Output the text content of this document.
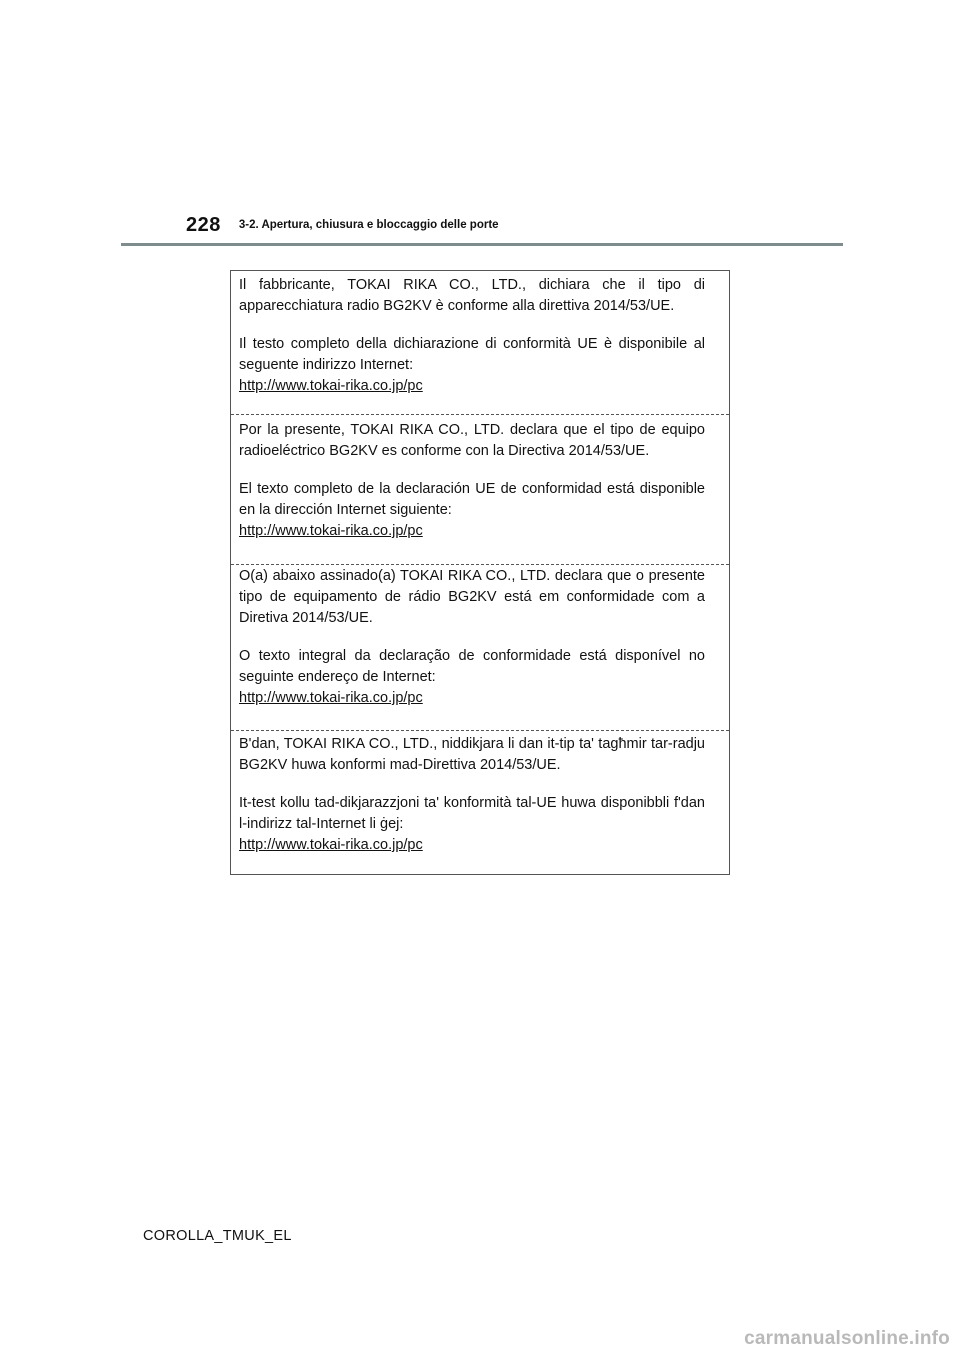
228 3-2. Apertura, chiusura e bloccaggio delle porte
Il fabbricante, TOKAI RIKA CO., LTD., dichiara che il tipo di apparecchiatura radio BG2KV è conforme alla direttiva 2014/53/UE.
Il testo completo della dichiarazione di conformità UE è disponibile al seguente indirizzo Internet:
http://www.tokai-rika.co.jp/pc
Por la presente, TOKAI RIKA CO., LTD. declara que el tipo de equipo radioeléctrico BG2KV es conforme con la Directiva 2014/53/UE.
El texto completo de la declaración UE de conformidad está disponible en la dirección Internet siguiente:
http://www.tokai-rika.co.jp/pc
O(a) abaixo assinado(a) TOKAI RIKA CO., LTD. declara que o presente tipo de equipamento de rádio BG2KV está em conformidade com a Diretiva 2014/53/UE.
O texto integral da declaração de conformidade está disponível no seguinte endereço de Internet:
http://www.tokai-rika.co.jp/pc
B'dan, TOKAI RIKA CO., LTD., niddikjara li dan it-tip ta' tagħmir tar-radju BG2KV huwa konformi mad-Direttiva 2014/53/UE.
It-test kollu tad-dikjarazzjoni ta' konformità tal-UE huwa disponibbli f'dan l-indirizz tal-Internet li ġej:
http://www.tokai-rika.co.jp/pc
COROLLA_TMUK_EL
carmanualsonline.info
